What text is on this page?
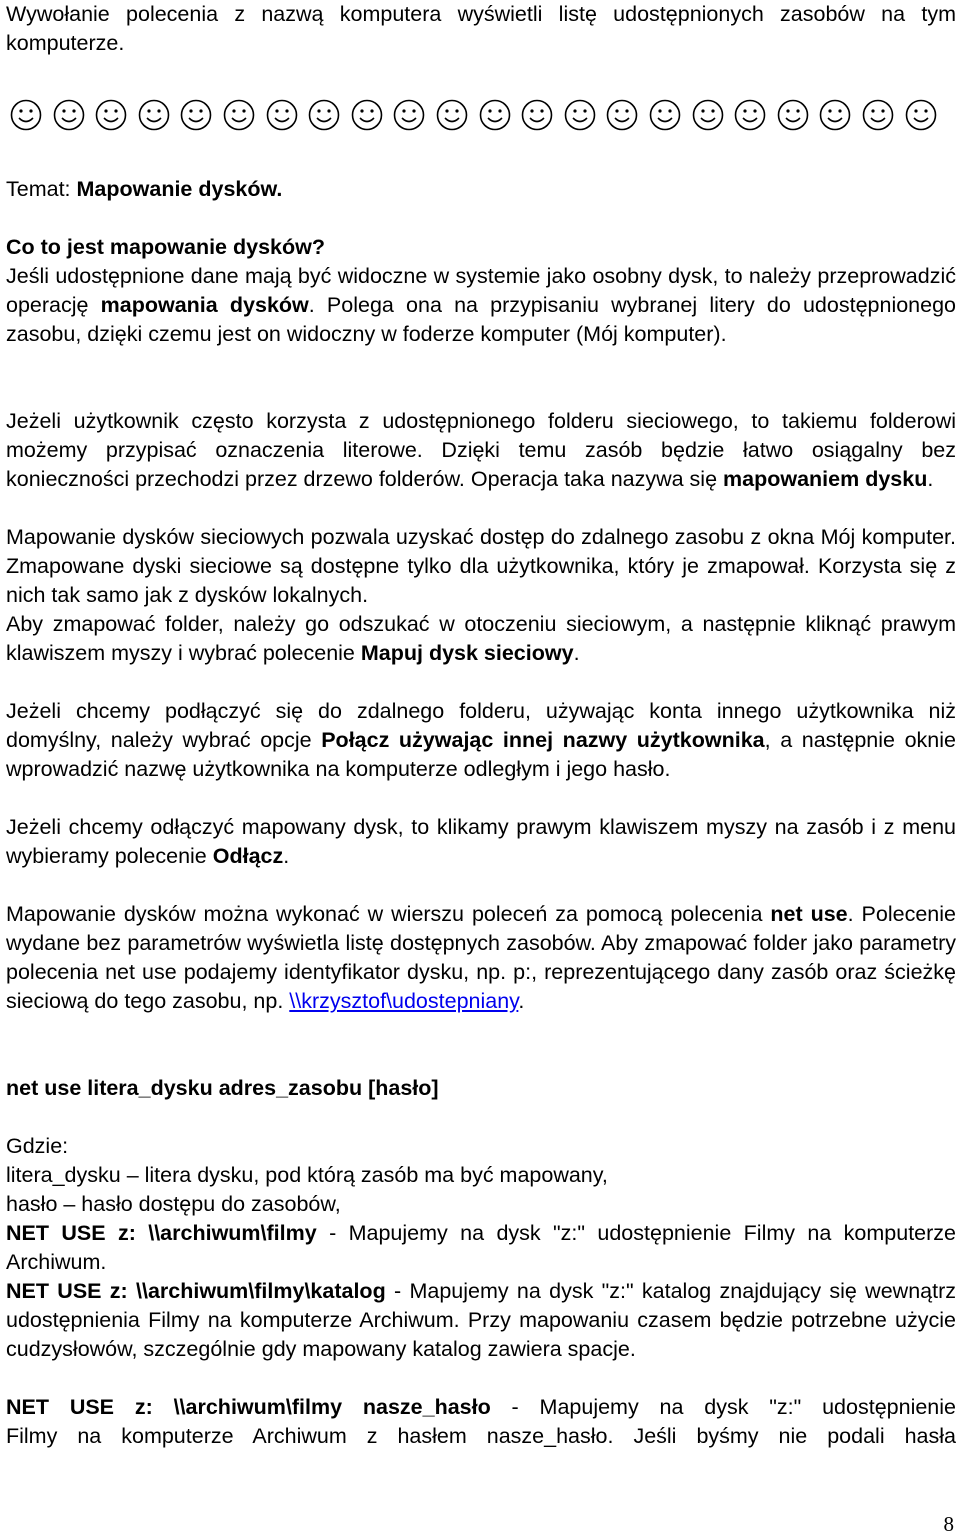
Wywołanie polecenia z nazwą komputera wyświetli listę udostępnionych zasobów na tym komputerze.

Temat: Mapowanie dysków.

Co to jest mapowanie dysków?

Jeśli udostępnione dane mają być widoczne w systemie jako osobny dysk, to należy przeprowadzić operację mapowania dysków. Polega ona na przypisaniu wybranej litery do udostępnionego zasobu, dzięki czemu jest on widoczny w foderze komputer (Mój komputer).

Jeżeli użytkownik często korzysta z udostępnionego folderu sieciowego, to takiemu folderowi możemy przypisać oznaczenia literowe. Dzięki temu zasób będzie łatwo osiągalny bez konieczności przechodzi przez drzewo folderów. Operacja taka nazywa się mapowaniem dysku.

Mapowanie dysków sieciowych pozwala uzyskać dostęp do zdalnego zasobu z okna Mój komputer. Zmapowane dyski sieciowe są dostępne tylko dla użytkownika, który je zmapował. Korzysta się z nich tak samo jak z dysków lokalnych.

Aby zmapować folder, należy go odszukać w otoczeniu sieciowym, a następnie kliknąć prawym klawiszem myszy i wybrać polecenie Mapuj dysk sieciowy.

Jeżeli chcemy podłączyć się do zdalnego folderu, używając konta innego użytkownika niż domyślny, należy wybrać opcje Połącz używając innej nazwy użytkownika, a następnie oknie wprowadzić nazwę użytkownika na komputerze odległym i jego hasło.

Jeżeli chcemy odłączyć mapowany dysk, to klikamy prawym klawiszem myszy na zasób i z menu wybieramy polecenie Odłącz.

Mapowanie dysków można wykonać w wierszu poleceń za pomocą polecenia net use. Polecenie wydane bez parametrów wyświetla listę dostępnych zasobów. Aby zmapować folder jako parametry polecenia net use podajemy identyfikator dysku, np. p:, reprezentującego dany zasób oraz ścieżkę sieciową do tego zasobu, np. \\krzysztof\udostepniany.

net use litera_dysku adres_zasobu [hasło]

Gdzie:

litera_dysku – litera dysku, pod którą zasób ma być mapowany,

hasło – hasło dostępu do zasobów,

NET USE z: \\archiwum\filmy - Mapujemy na dysk "z:" udostępnienie Filmy na komputerze Archiwum.

NET USE z: \\archiwum\filmy\katalog - Mapujemy na dysk "z:" katalog znajdujący się wewnątrz udostępnienia Filmy na komputerze Archiwum. Przy mapowaniu czasem będzie potrzebne użycie cudzysłowów, szczególnie gdy mapowany katalog zawiera spacje.

NET USE z: \\archiwum\filmy nasze_hasło - Mapujemy na dysk "z:" udostępnienie

Filmy na komputerze Archiwum z hasłem nasze_hasło. Jeśli byśmy nie podali hasła

8
